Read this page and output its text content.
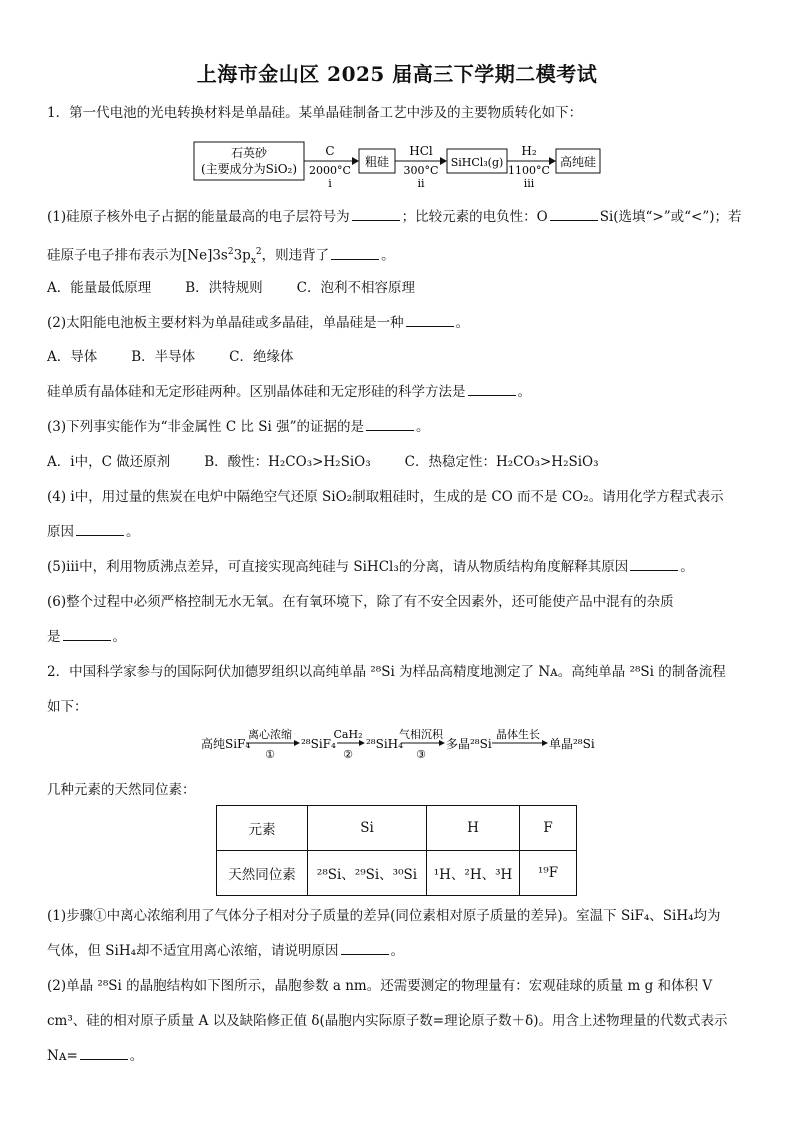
上海市金山区 2025 届高三下学期二模考试
1．第一代电池的光电转换材料是单晶硅。某单晶硅制备工艺中涉及的主要物质转化如下：
石英砂
(主要成分为SiO₂)
C
2000°C
i
粗硅
HCl
300°C
ii
SiHCl₃(g)
H₂
1100°C
iii
高纯硅
(1)硅原子核外电子占据的能量最高的电子层符号为	；比较元素的电负性：O	Si(选填“>”或“<”)；若
硅原子电子排布表示为$[Ne]3s^23p_x^2$，则违背了	。
A．能量最低原理	B．洪特规则	C．泡利不相容原理
(2)太阳能电池板主要材料为单晶硅或多晶硅，单晶硅是一种	。
A．导体	B．半导体	C．绝缘体
硅单质有晶体硅和无定形硅两种。区别晶体硅和无定形硅的科学方法是	。
(3)下列事实能作为“非金属性 C 比 Si 强”的证据的是	。
A．ⅰ中，C 做还原剂	B．酸性：H₂CO₃>H₂SiO₃	C．热稳定性：H₂CO₃>H₂SiO₃
(4) ⅰ中，用过量的焦炭在电炉中隔绝空气还原 SiO₂制取粗硅时，生成的是 CO 而不是 CO₂。请用化学方程式表示
原因	。
(5)ⅲ中，利用物质沸点差异，可直接实现高纯硅与 SiHCl₃的分离，请从物质结构角度解释其原因	。
(6)整个过程中必须严格控制无水无氧。在有氧环境下，除了有不安全因素外，还可能使产品中混有的杂质
是	。
2．中国科学家参与的国际阿伏加德罗组织以高纯单晶 ²⁸Si 为样品高精度地测定了 Nᴀ。高纯单晶 ²⁸Si 的制备流程
如下：
高纯SiF₄
离心浓缩
①
²⁸SiF₄
CaH₂
②
²⁸SiH₄
气相沉积
③
多晶²⁸Si
晶体生长
单晶²⁸Si
几种元素的天然同位素：
元素	Si	H	F
天然同位素	²⁸Si、²⁹Si、³⁰Si	¹H、²H、³H	¹⁹F
(1)步骤①中离心浓缩利用了气体分子相对分子质量的差异(同位素相对原子质量的差异)。室温下 SiF₄、SiH₄均为
气体，但 SiH₄却不适宜用离心浓缩，请说明原因	。
(2)单晶 ²⁸Si 的晶胞结构如下图所示，晶胞参数 a nm。还需要测定的物理量有：宏观硅球的质量 m g 和体积 V
cm³、硅的相对原子质量 A 以及缺陷修正值 δ(晶胞内实际原子数=理论原子数＋δ)。用含上述物理量的代数式表示
Nᴀ=	。
